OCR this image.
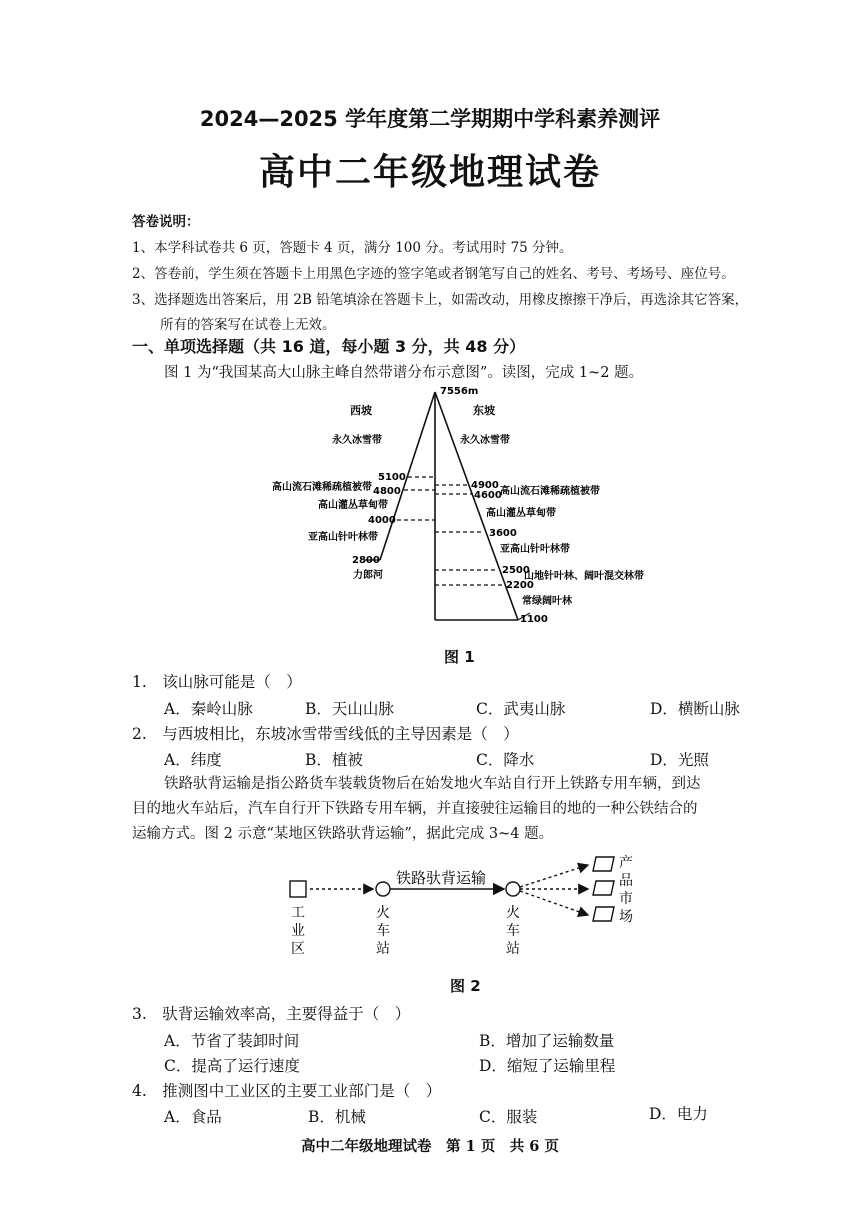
2024—2025 学年度第二学期期中学科素养测评
高中二年级地理试卷
答卷说明：
1、本学科试卷共 6 页，答题卡 4 页，满分 100 分。考试用时 75 分钟。
2、答卷前，学生须在答题卡上用黑色字迹的签字笔或者钢笔写自己的姓名、考号、考场号、座位号。
3、选择题选出答案后，用 2B 铅笔填涂在答题卡上，如需改动，用橡皮擦擦干净后，再选涂其它答案，
所有的答案写在试卷上无效。
一、单项选择题（共 16 道，每小题 3 分，共 48 分）
图 1 为“我国某高大山脉主峰自然带谱分布示意图”。读图，完成 1~2 题。
7556m
西坡	东坡
永久冰雪带	永久冰雪带
5100
4800
4000
2800
高山流石滩稀疏植被带
高山灌丛草甸带
亚高山针叶林带
力郎河
4900
4600
3600
2500
2200
1100
高山流石滩稀疏植被带
高山灌丛草甸带
亚高山针叶林带
山地针叶林、阔叶混交林带
常绿阔叶林
图 1
1.　该山脉可能是（　）
A．秦岭山脉	B．天山山脉	C．武夷山脉	D．横断山脉
2.　与西坡相比，东坡冰雪带雪线低的主导因素是（　）
A．纬度	B．植被	C．降水	D．光照
铁路驮背运输是指公路货车装载货物后在始发地火车站自行开上铁路专用车辆，到达
目的地火车站后，汽车自行开下铁路专用车辆，并直接驶往运输目的地的一种公铁结合的
运输方式。图 2 示意“某地区铁路驮背运输”，据此完成 3~4 题。
铁路驮背运输
工
业
区
火
车
站
火
车
站
产
品
市
场
图 2
3.　驮背运输效率高，主要得益于（　）
A．节省了装卸时间	B．增加了运输数量
C．提高了运行速度	D．缩短了运输里程
4.　推测图中工业区的主要工业部门是（　）
A．食品	B．机械	C．服装	D．电力
高中二年级地理试卷　第 1 页　共 6 页
